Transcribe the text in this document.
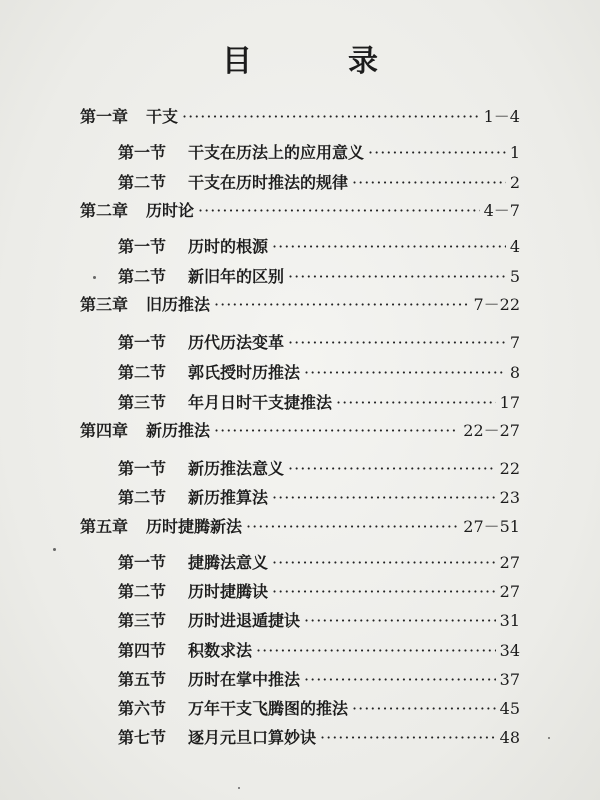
目	录
第一章 干支 ·····	1－4
第一节 干支在历法上的应用意义 ·····	1
第二节 干支在历时推法的规律 ·····	2
第二章 历时论 ·····	4－7
第一节 历时的根源 ·····	4
第二节 新旧年的区别 ·····	5
第三章 旧历推法 ·····	7－22
第一节 历代历法变革 ·····	7
第二节 郭氏授时历推法 ·····	8
第三节 年月日时干支捷推法 ·····	17
第四章 新历推法 ·····	22－27
第一节 新历推法意义 ·····	22
第二节 新历推算法 ·····	23
第五章 历时捷腾新法 ·····	27－51
第一节 捷腾法意义 ·····	27
第二节 历时捷腾诀 ·····	27
第三节 历时进退遁捷诀 ·····	31
第四节 积数求法 ·····	34
第五节 历时在掌中推法 ·····	37
第六节 万年干支飞腾图的推法 ·····	45
第七节 逐月元旦口算妙诀 ·····	48
